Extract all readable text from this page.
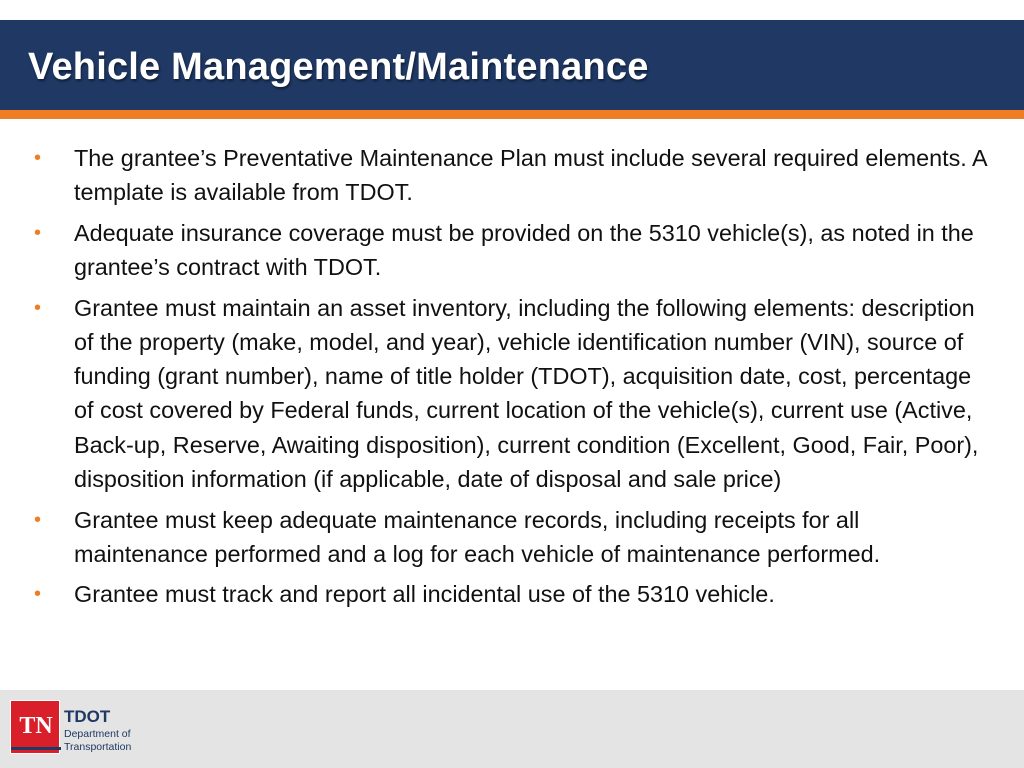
Vehicle Management/Maintenance
• The grantee’s Preventative Maintenance Plan must include several required elements. A template is available from TDOT.
• Adequate insurance coverage must be provided on the 5310 vehicle(s), as noted in the grantee’s contract with TDOT.
• Grantee must maintain an asset inventory, including the following elements: description of the property (make, model, and year), vehicle identification number (VIN), source of funding (grant number), name of title holder (TDOT), acquisition date, cost, percentage of cost covered by Federal funds, current location of the vehicle(s), current use (Active, Back-up, Reserve, Awaiting disposition), current condition (Excellent, Good, Fair, Poor), disposition information (if applicable, date of disposal and sale price)
• Grantee must keep adequate maintenance records, including receipts for all maintenance performed and a log for each vehicle of maintenance performed.
• Grantee must track and report all incidental use of the 5310 vehicle.
TN TDOT
Department of
Transportation
